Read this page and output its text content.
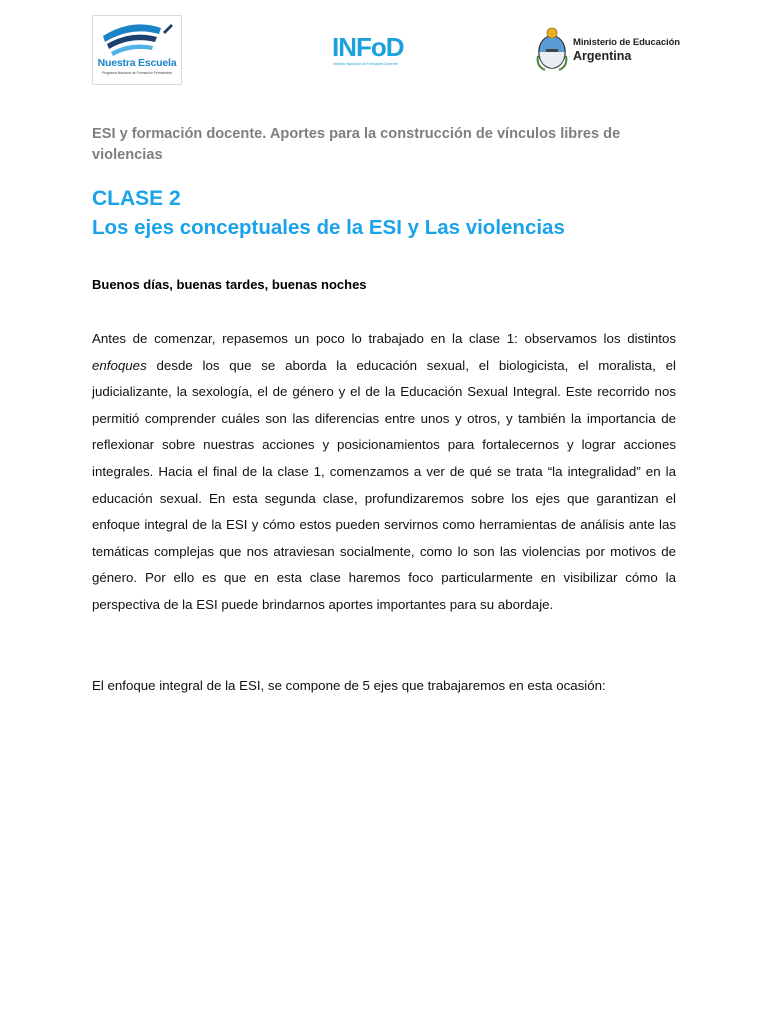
Nuestra Escuela
Programa Nacional de Formación Permanente
INFoD
Instituto Nacional de Formación Docente
Ministerio de Educación
Argentina
ESI y formación docente. Aportes para la construcción de vínculos libres de violencias
CLASE 2
Los ejes conceptuales de la ESI y Las violencias

Buenos días, buenas tardes, buenas noches

Antes de comenzar, repasemos un poco lo trabajado en la clase 1: observamos los distintos enfoques desde los que se aborda la educación sexual, el biologicista, el moralista, el judicializante, la sexología, el de género y el de la Educación Sexual Integral. Este recorrido nos permitió comprender cuáles son las diferencias entre unos y otros, y también la importancia de reflexionar sobre nuestras acciones y posicionamientos para fortalecernos y lograr acciones integrales. Hacia el final de la clase 1, comenzamos a ver de qué se trata “la integralidad” en la educación sexual. En esta segunda clase, profundizaremos sobre los ejes que garantizan el enfoque integral de la ESI y cómo estos pueden servirnos como herramientas de análisis ante las temáticas complejas que nos atraviesan socialmente, como lo son las violencias por motivos de género. Por ello es que en esta clase haremos foco particularmente en visibilizar cómo la perspectiva de la ESI puede brindarnos aportes importantes para su abordaje.

El enfoque integral de la ESI, se compone de 5 ejes que trabajaremos en esta ocasión:
